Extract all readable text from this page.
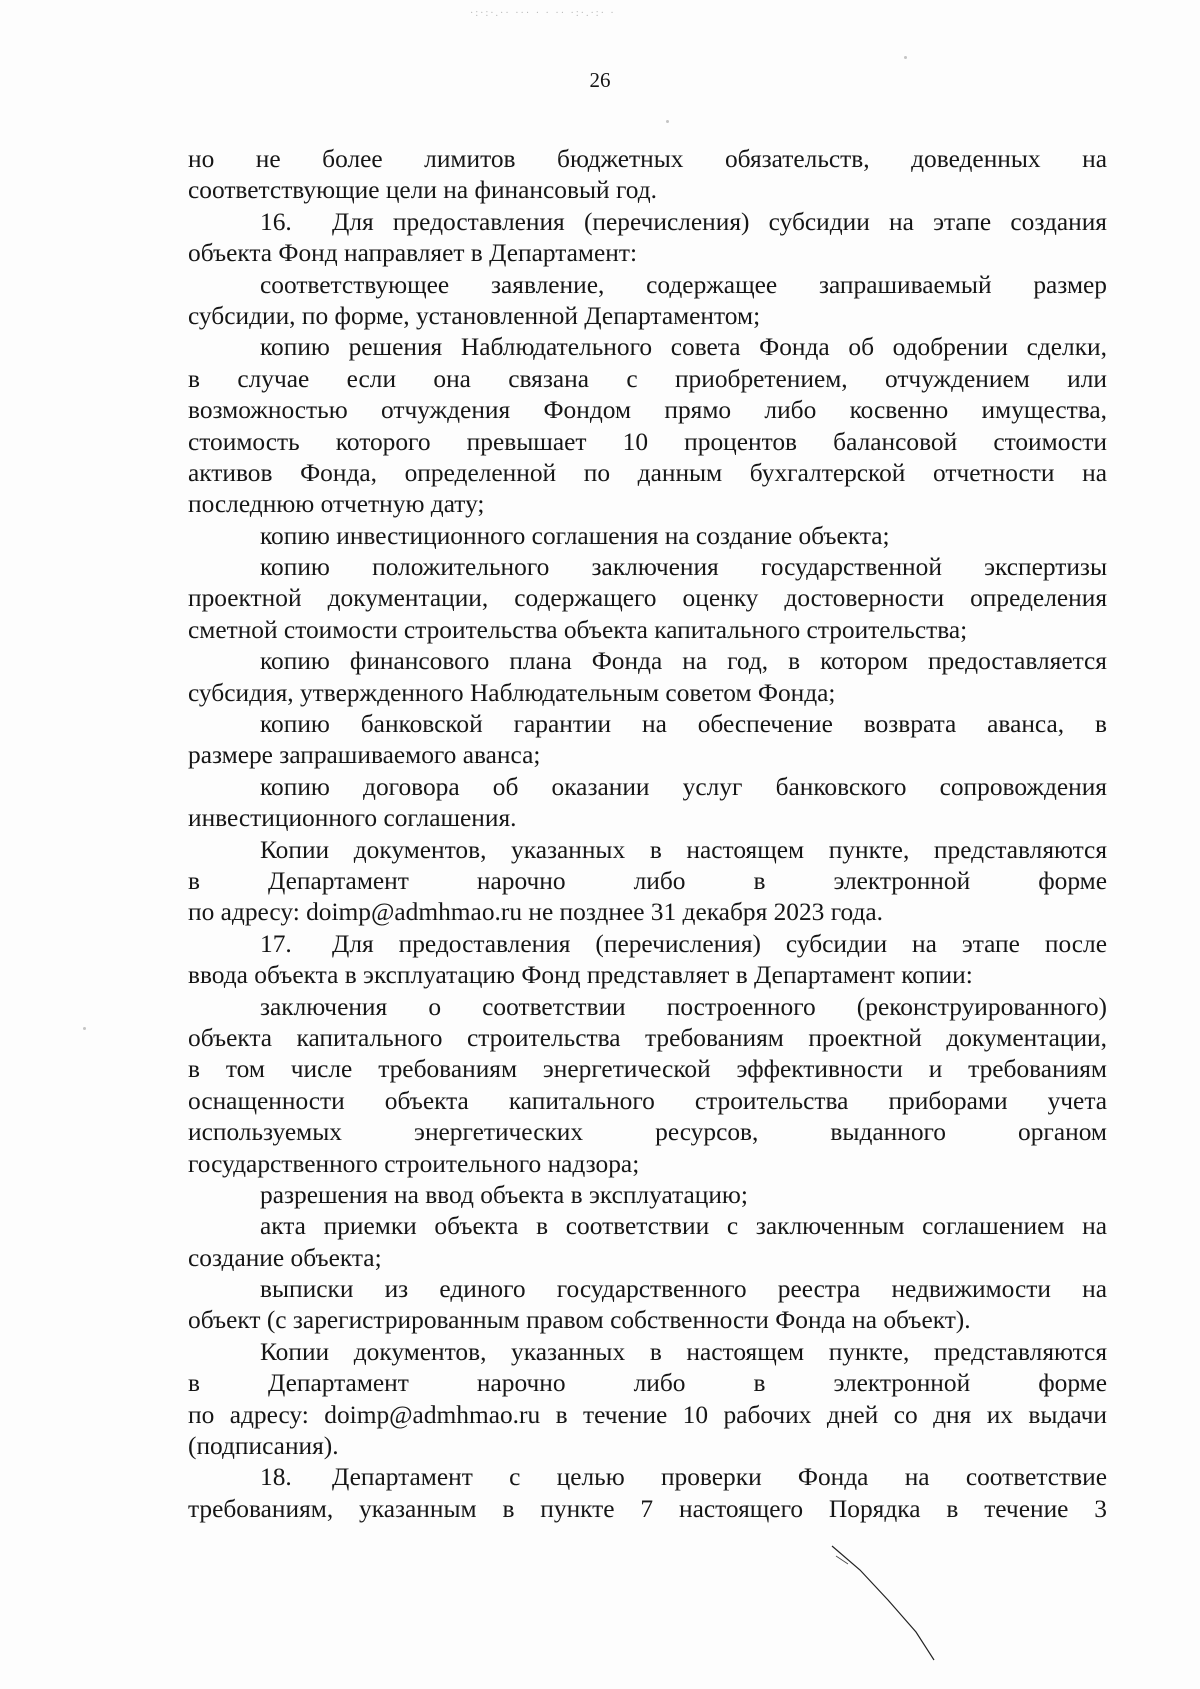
·:·:·.·· ··· · · ·· ·:·.·:· ·
26
но не более лимитов бюджетных обязательств, доведенных на
соответствующие цели на финансовый год.
16.	Для предоставления (перечисления) субсидии на этапе создания
объекта Фонд направляет в Департамент:
соответствующее заявление, содержащее запрашиваемый размер
субсидии, по форме, установленной Департаментом;
копию решения Наблюдательного совета Фонда об одобрении сделки,
в случае если она связана с приобретением, отчуждением или
возможностью отчуждения Фондом прямо либо косвенно имущества,
стоимость которого превышает 10 процентов балансовой стоимости
активов Фонда, определенной по данным бухгалтерской отчетности на
последнюю отчетную дату;
копию инвестиционного соглашения на создание объекта;
копию положительного заключения государственной экспертизы
проектной документации, содержащего оценку достоверности определения
сметной стоимости строительства объекта капитального строительства;
копию финансового плана Фонда на год, в котором предоставляется
субсидия, утвержденного Наблюдательным советом Фонда;
копию банковской гарантии на обеспечение возврата аванса, в
размере запрашиваемого аванса;
копию договора об оказании услуг банковского сопровождения
инвестиционного соглашения.
Копии документов, указанных в настоящем пункте, представляются
в Департамент нарочно либо в электронной форме
по адресу: doimp@admhmao.ru не позднее 31 декабря 2023 года.
17.	Для предоставления (перечисления) субсидии на этапе после
ввода объекта в эксплуатацию Фонд представляет в Департамент копии:
заключения о соответствии построенного (реконструированного)
объекта капитального строительства требованиям проектной документации,
в том числе требованиям энергетической эффективности и требованиям
оснащенности объекта капитального строительства приборами учета
используемых энергетических ресурсов, выданного органом
государственного строительного надзора;
разрешения на ввод объекта в эксплуатацию;
акта приемки объекта в соответствии с заключенным соглашением на
создание объекта;
выписки из единого государственного реестра недвижимости на
объект (с зарегистрированным правом собственности Фонда на объект).
Копии документов, указанных в настоящем пункте, представляются
в Департамент нарочно либо в электронной форме
по адресу: doimp@admhmao.ru в течение 10 рабочих дней со дня их выдачи
(подписания).
18.	Департамент с целью проверки Фонда на соответствие
требованиям, указанным в пункте 7 настоящего Порядка в течение 3
